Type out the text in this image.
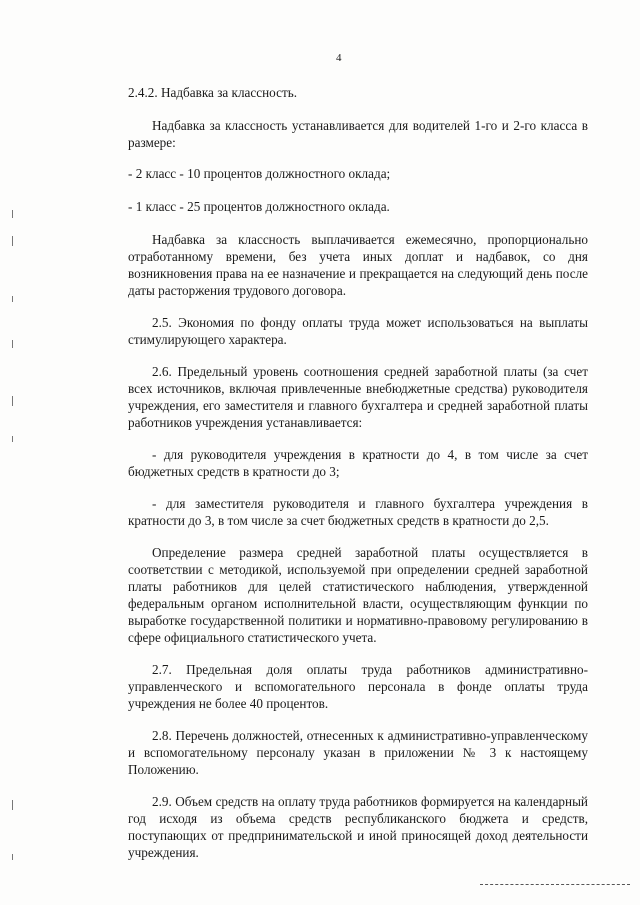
4

2.4.2. Надбавка за классность.

Надбавка за классность устанавливается для водителей 1-го и 2-го класса в размере:

- 2 класс - 10 процентов должностного оклада;

- 1 класс - 25 процентов должностного оклада.

Надбавка за классность выплачивается ежемесячно, пропорционально отработанному времени, без учета иных доплат и надбавок, со дня возникновения права на ее назначение и прекращается на следующий день после даты расторжения трудового договора.

2.5. Экономия по фонду оплаты труда может использоваться на выплаты стимулирующего характера.

2.6. Предельный уровень соотношения средней заработной платы (за счет всех источников, включая привлеченные внебюджетные средства) руководителя учреждения, его заместителя и главного бухгалтера и средней заработной платы работников учреждения устанавливается:

- для руководителя учреждения в кратности до 4, в том числе за счет бюджетных средств в кратности до 3;

- для заместителя руководителя и главного бухгалтера учреждения в кратности до 3, в том числе за счет бюджетных средств в кратности до 2,5.

Определение размера средней заработной платы осуществляется в соответствии с методикой, используемой при определении средней заработной платы работников для целей статистического наблюдения, утвержденной федеральным органом исполнительной власти, осуществляющим функции по выработке государственной политики и нормативно-правовому регулированию в сфере официального статистического учета.

2.7. Предельная доля оплаты труда работников административно-управленческого и вспомогательного персонала в фонде оплаты труда учреждения не более 40 процентов.

2.8. Перечень должностей, отнесенных к административно-управленческому и вспомогательному персоналу указан в приложении № 3 к настоящему Положению.

2.9. Объем средств на оплату труда работников формируется на календарный год исходя из объема средств республиканского бюджета и средств, поступающих от предпринимательской и иной приносящей доход деятельности учреждения.
